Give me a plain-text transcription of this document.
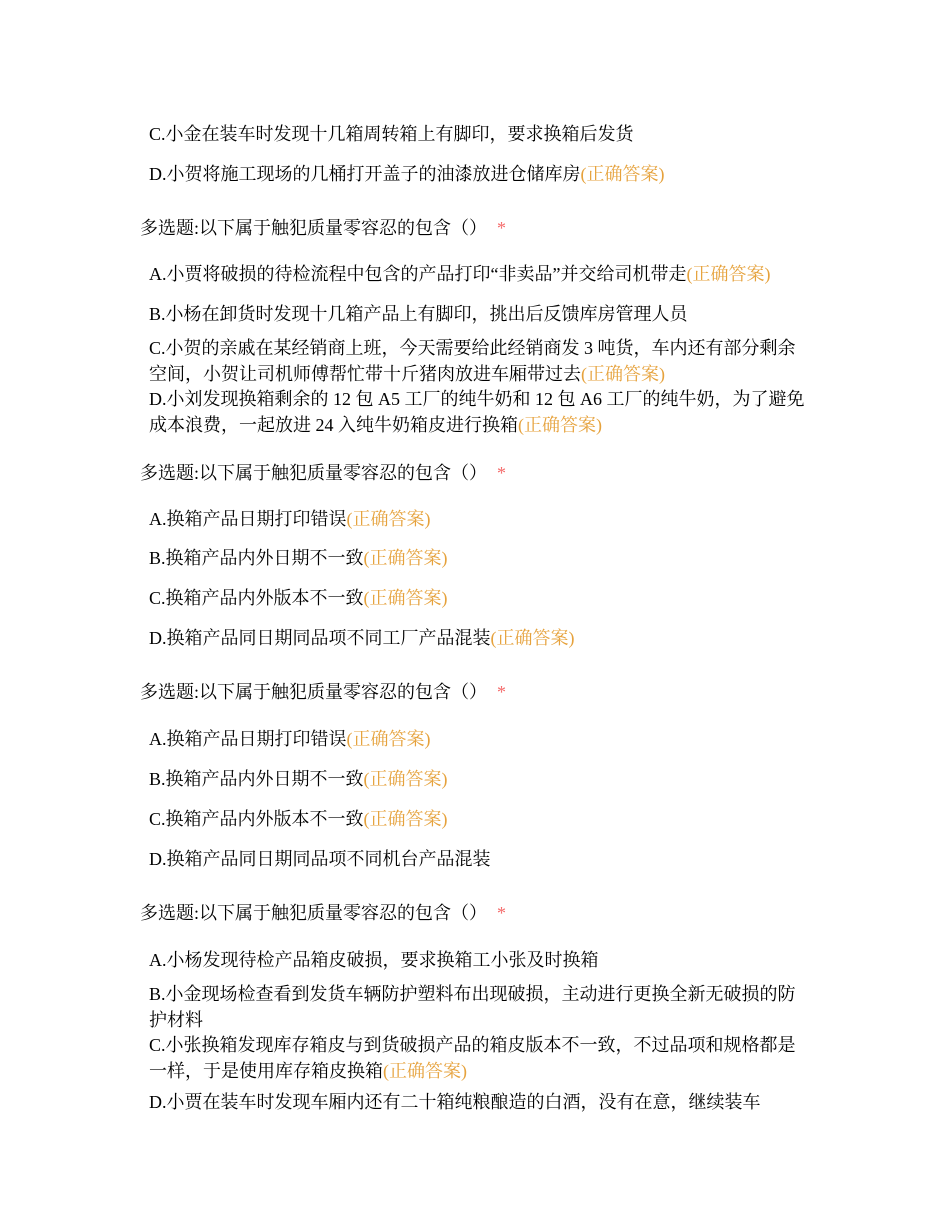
C.小金在装车时发现十几箱周转箱上有脚印，要求换箱后发货

D.小贺将施工现场的几桶打开盖子的油漆放进仓储库房(正确答案)

多选题:以下属于触犯质量零容忍的包含（） *

A.小贾将破损的待检流程中包含的产品打印“非卖品”并交给司机带走(正确答案)

B.小杨在卸货时发现十几箱产品上有脚印，挑出后反馈库房管理人员

C.小贺的亲戚在某经销商上班，今天需要给此经销商发 3 吨货，车内还有部分剩余空间，小贺让司机师傅帮忙带十斤猪肉放进车厢带过去(正确答案)

D.小刘发现换箱剩余的 12 包 A5 工厂的纯牛奶和 12 包 A6 工厂的纯牛奶，为了避免成本浪费，一起放进 24 入纯牛奶箱皮进行换箱(正确答案)

多选题:以下属于触犯质量零容忍的包含（） *

A.换箱产品日期打印错误(正确答案)

B.换箱产品内外日期不一致(正确答案)

C.换箱产品内外版本不一致(正确答案)

D.换箱产品同日期同品项不同工厂产品混装(正确答案)

多选题:以下属于触犯质量零容忍的包含（） *

A.换箱产品日期打印错误(正确答案)

B.换箱产品内外日期不一致(正确答案)

C.换箱产品内外版本不一致(正确答案)

D.换箱产品同日期同品项不同机台产品混装

多选题:以下属于触犯质量零容忍的包含（） *

A.小杨发现待检产品箱皮破损，要求换箱工小张及时换箱

B.小金现场检查看到发货车辆防护塑料布出现破损，主动进行更换全新无破损的防护材料

C.小张换箱发现库存箱皮与到货破损产品的箱皮版本不一致，不过品项和规格都是一样，于是使用库存箱皮换箱(正确答案)

D.小贾在装车时发现车厢内还有二十箱纯粮酿造的白酒，没有在意，继续装车
